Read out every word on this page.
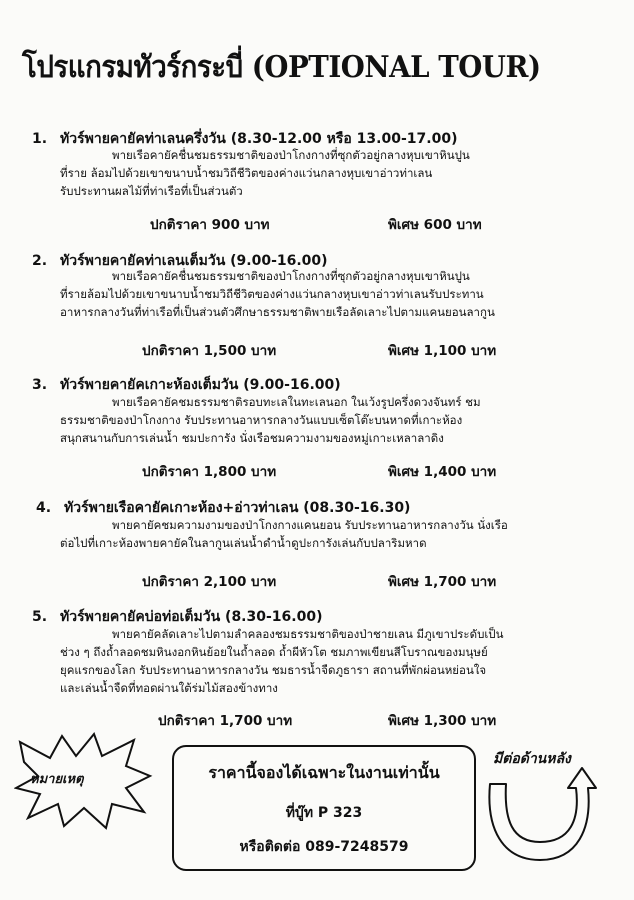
โปรแกรมทัวร์กระบี่ (OPTIONAL TOUR)
1. ทัวร์พายคายัคท่าเลนครึ่งวัน (8.30-12.00 หรือ 13.00-17.00)
พายเรือคายัคชื่นชมธรรมชาติของป่าโกงกางที่ซุกตัวอยู่กลางหุบเขาหินปูน
ที่ราย ล้อมไปด้วยเขาขนาบน้ำชมวิถีชีวิตของค่างแว่นกลางหุบเขาอ่าวท่าเลน
รับประทานผลไม้ที่ท่าเรือที่เป็นส่วนตัว
ปกติราคา 900 บาท	พิเศษ 600 บาท
2. ทัวร์พายคายัคท่าเลนเต็มวัน (9.00-16.00)
พายเรือคายัคชื่นชมธรรมชาติของป่าโกงกางที่ซุกตัวอยู่กลางหุบเขาหินปูน
ที่รายล้อมไปด้วยเขาขนาบน้ำชมวิถีชีวิตของค่างแว่นกลางหุบเขาอ่าวท่าเลนรับประทาน
อาหารกลางวันที่ท่าเรือที่เป็นส่วนตัวศึกษาธรรมชาติพายเรือลัดเลาะไปตามแคนยอนลากูน
ปกติราคา 1,500 บาท	พิเศษ 1,100 บาท
3. ทัวร์พายคายัคเกาะห้องเต็มวัน (9.00-16.00)
พายเรือคายัคชมธรรมชาติรอบทะเลในทะเลนอก ในเว้งรูปครึ่งดวงจันทร์ ชม
ธรรมชาติของป่าโกงกาง รับประทานอาหารกลางวันแบบเซ็ตโต๊ะบนหาดที่เกาะห้อง
สนุกสนานกับการเล่นน้ำ ชมปะการัง นั่งเรือชมความงามของหมู่เกาะเหลาลาดิง
ปกติราคา 1,800 บาท	พิเศษ 1,400 บาท
4. ทัวร์พายเรือคายัคเกาะห้อง+อ่าวท่าเลน (08.30-16.30)
พายคายัคชมความงามของป่าโกงกางแคนยอน รับประทานอาหารกลางวัน นั่งเรือ
ต่อไปที่เกาะห้องพายคายัคในลากูนเล่นน้ำดำน้ำดูปะการังเล่นกับปลาริมหาด
ปกติราคา 2,100 บาท	พิเศษ 1,700 บาท
5. ทัวร์พายคายัคบ่อท่อเต็มวัน (8.30-16.00)
พายคายัคลัดเลาะไปตามลำคลองชมธรรมชาติของป่าชายเลน มีภูเขาประดับเป็น
ช่วง ๆ ถึงถ้ำลอดชมหินงอกหินย้อยในถ้ำลอด ถ้ำผีหัวโต ชมภาพเขียนสีโบราณของมนุษย์
ยุคแรกของโลก รับประทานอาหารกลางวัน ชมธารน้ำจืดภูธารา สถานที่พักผ่อนหย่อนใจ
และเล่นน้ำจืดที่ทอดผ่านใต้ร่มไม้สองข้างทาง
ปกติราคา 1,700 บาท	พิเศษ 1,300 บาท
หมายเหตุ	ราคานี้จองได้เฉพาะในงานเท่านั้น
ที่บู๊ท P 323
หรือติดต่อ 089-7248579
มีต่อด้านหลัง
